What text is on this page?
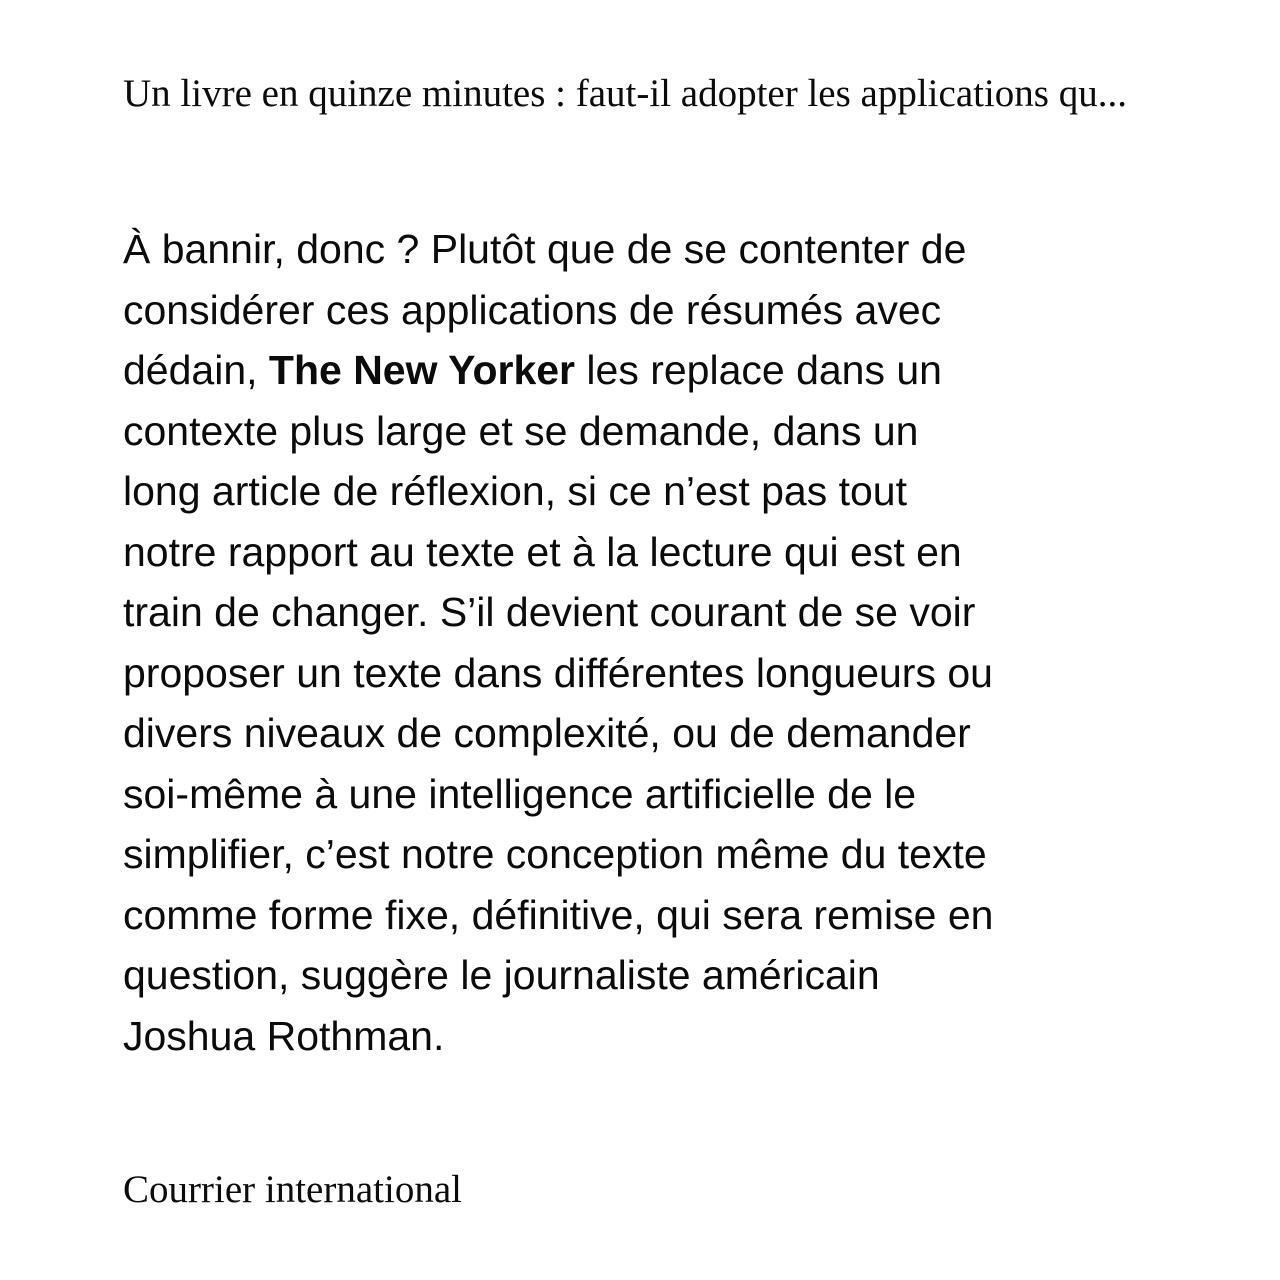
Un livre en quinze minutes : faut-il adopter les applications qu...
À bannir, donc ? Plutôt que de se contenter de
considérer ces applications de résumés avec
dédain, The New Yorker les replace dans un
contexte plus large et se demande, dans un
long article de réflexion, si ce n’est pas tout
notre rapport au texte et à la lecture qui est en
train de changer. S’il devient courant de se voir
proposer un texte dans différentes longueurs ou
divers niveaux de complexité, ou de demander
soi-même à une intelligence artificielle de le
simplifier, c’est notre conception même du texte
comme forme fixe, définitive, qui sera remise en
question, suggère le journaliste américain
Joshua Rothman.
Courrier international
